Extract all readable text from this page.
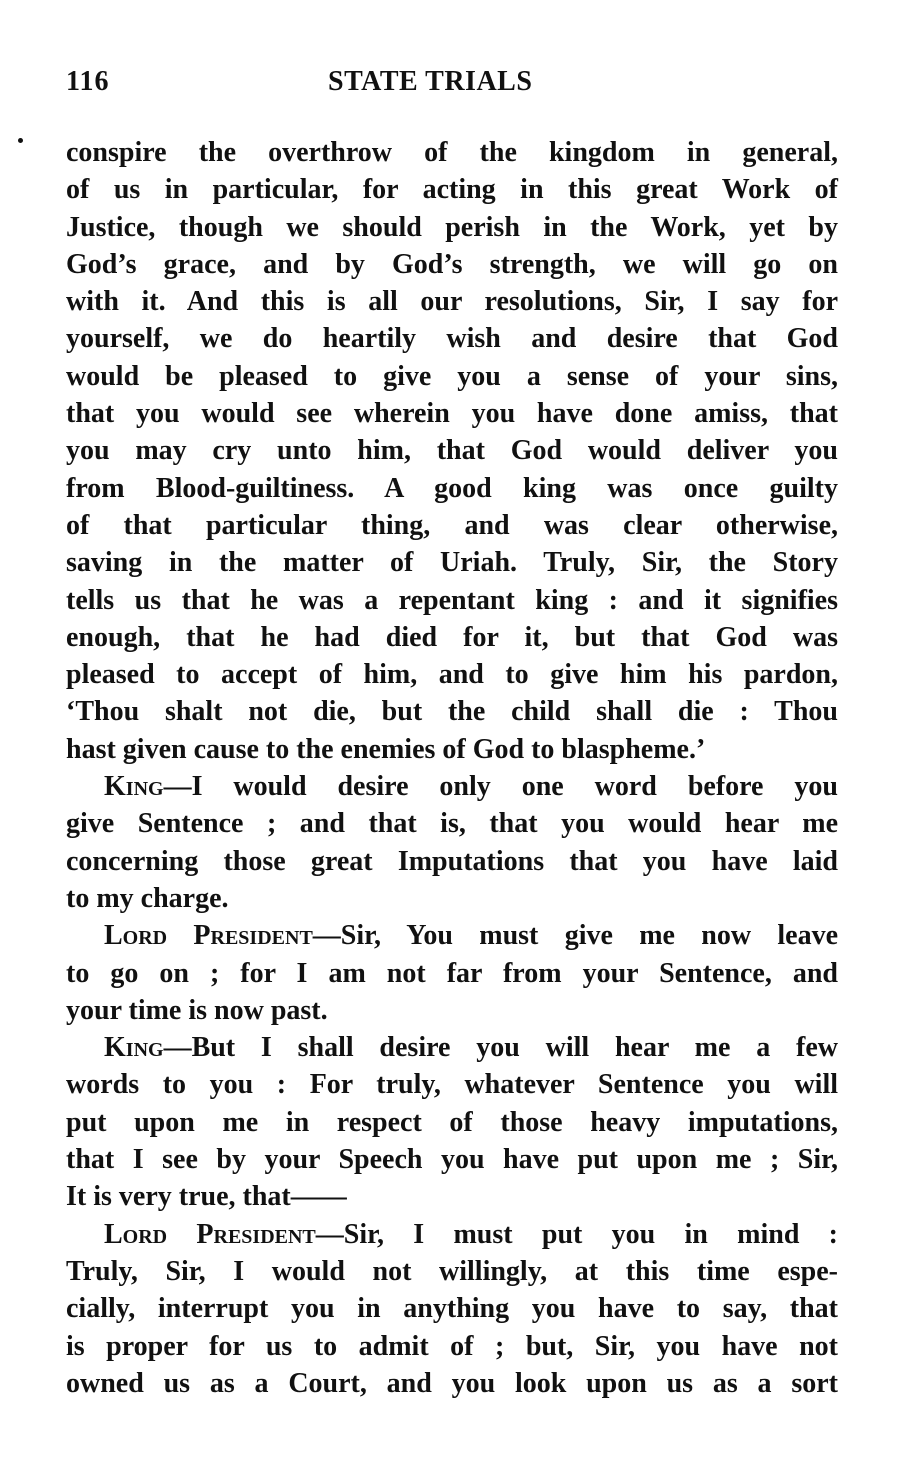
116	STATE TRIALS
conspire the overthrow of the kingdom in general,
of us in particular, for acting in this great Work of
Justice, though we should perish in the Work, yet by
God’s grace, and by God’s strength, we will go on
with it. And this is all our resolutions, Sir, I say for
yourself, we do heartily wish and desire that God
would be pleased to give you a sense of your sins,
that you would see wherein you have done amiss, that
you may cry unto him, that God would deliver you
from Blood-guiltiness. A good king was once guilty
of that particular thing, and was clear otherwise,
saving in the matter of Uriah. Truly, Sir, the Story
tells us that he was a repentant king : and it signifies
enough, that he had died for it, but that God was
pleased to accept of him, and to give him his pardon,
‘Thou shalt not die, but the child shall die : Thou
hast given cause to the enemies of God to blaspheme.’
King—I would desire only one word before you
give Sentence ; and that is, that you would hear me
concerning those great Imputations that you have laid
to my charge.
Lord President—Sir, You must give me now leave
to go on ; for I am not far from your Sentence, and
your time is now past.
King—But I shall desire you will hear me a few
words to you : For truly, whatever Sentence you will
put upon me in respect of those heavy imputations,
that I see by your Speech you have put upon me ; Sir,
It is very true, that——
Lord President—Sir, I must put you in mind :
Truly, Sir, I would not willingly, at this time espe-
cially, interrupt you in anything you have to say, that
is proper for us to admit of ; but, Sir, you have not
owned us as a Court, and you look upon us as a sort
